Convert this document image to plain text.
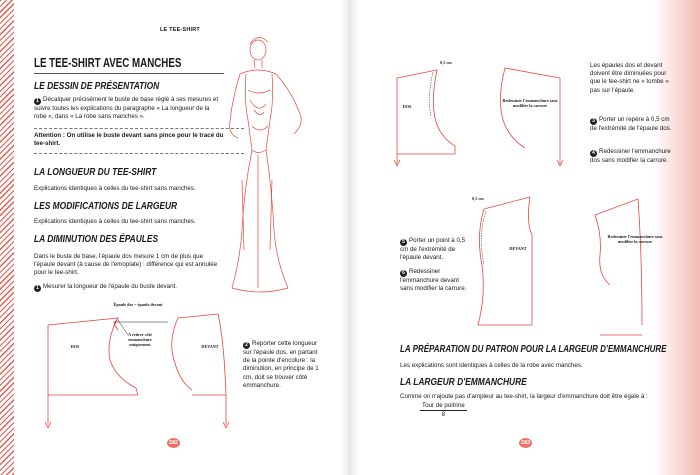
LE TEE-SHIRT
LE TEE-SHIRT AVEC MANCHES
LE DESSIN DE PRÉSENTATION
1 Décalquer précisément le buste de base réglé à ses mesures et suivre toutes les explications du paragraphe « La longueur de la robe », dans « La robe sans manches ».
Attention : On utilise le buste devant sans pince pour le tracé du tee-shirt.
LA LONGUEUR DU TEE-SHIRT
Explications identiques à celles du tee-shirt sans manches.
LES MODIFICATIONS DE LARGEUR
Explications identiques à celles du tee-shirt sans manches.
LA DIMINUTION DES ÉPAULES
Dans le buste de base, l'épaule dos mesure 1 cm de plus que l'épaule devant (à cause de l'emoplate) : différence qui est annulée pour le tee-shirt.
1 Mesurer la longueur de l'épaule du buste devant.
Épaule dos = épaule devant
A retirer côté emmanchure uniquement
DOS	DEVANT	2 Reporter cette longueur sur l'épaule dos, en partant de la pointe d'encolure : la diminution, en principe de 1 cm, doit se trouver côté emmanchure.
282
0,5 cm
DOS
Redessiner l'emmanchure sans modifier la carrure
Les épaules dos et devant doivent être diminuées pour que le tee-shirt ne « tombe » pas sur l'épaule.
3 Porter un repère à 0,5 cm de l'extrémité de l'épaule dos.
4 Redessiner l'emmanchure dos sans modifier la carrure.
0,5 cm
DEVANT
Redessiner l'emmanchure sans modifier la carrure
5 Porter un point à 0,5 cm de l'extrémité de l'épaule devant.
6 Redessiner l'emmanchure devant sans modifier la carrure.
LA PRÉPARATION DU PATRON POUR LA LARGEUR D'EMMANCHURE
Les explications sont identiques à celles de la robe avec manches.
LA LARGEUR D'EMMANCHURE
Comme on n'ajoute pas d'ampleur au tee-shirt, la largeur d'emmanchure doit être égale à :
Tour de poitrine
8
283
